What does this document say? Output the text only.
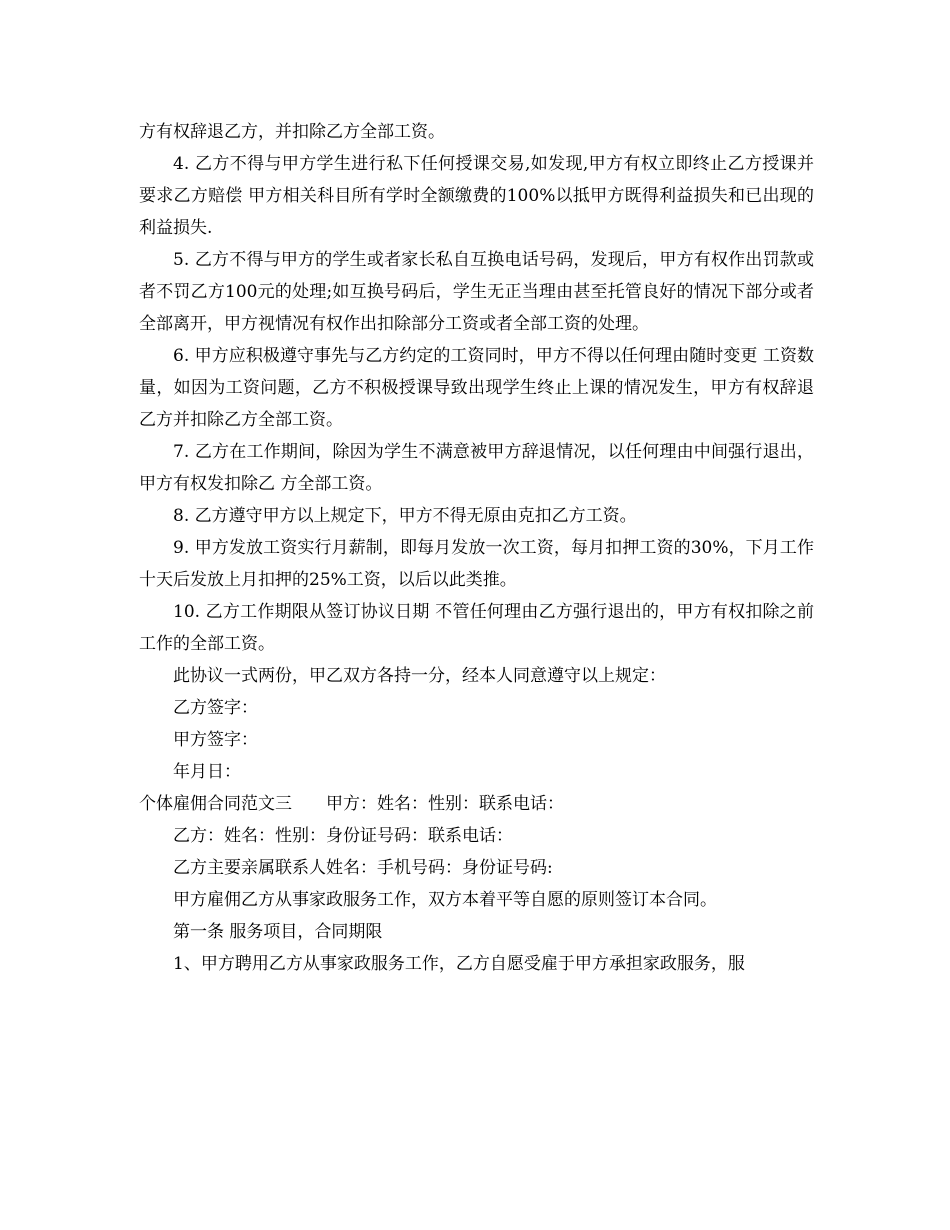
方有权辞退乙方，并扣除乙方全部工资。

4. 乙方不得与甲方学生进行私下任何授课交易,如发现,甲方有权立即终止乙方授课并要求乙方赔偿 甲方相关科目所有学时全额缴费的100%以抵甲方既得利益损失和已出现的利益损失.

5. 乙方不得与甲方的学生或者家长私自互换电话号码，发现后，甲方有权作出罚款或者不罚乙方100元的处理;如互换号码后，学生无正当理由甚至托管良好的情况下部分或者全部离开，甲方视情况有权作出扣除部分工资或者全部工资的处理。

6. 甲方应积极遵守事先与乙方约定的工资同时，甲方不得以任何理由随时变更 工资数量，如因为工资问题，乙方不积极授课导致出现学生终止上课的情况发生，甲方有权辞退乙方并扣除乙方全部工资。

7. 乙方在工作期间，除因为学生不满意被甲方辞退情况，以任何理由中间强行退出，甲方有权发扣除乙 方全部工资。

8. 乙方遵守甲方以上规定下，甲方不得无原由克扣乙方工资。

9. 甲方发放工资实行月薪制，即每月发放一次工资，每月扣押工资的30%，下月工作十天后发放上月扣押的25%工资，以后以此类推。

10. 乙方工作期限从签订协议日期 不管任何理由乙方强行退出的，甲方有权扣除之前工作的全部工资。

此协议一式两份，甲乙双方各持一分，经本人同意遵守以上规定：

乙方签字：

甲方签字：

年月日：

个体雇佣合同范文三　　甲方：姓名：性别：联系电话：

乙方：姓名：性别：身份证号码：联系电话：

乙方主要亲属联系人姓名：手机号码：身份证号码:

甲方雇佣乙方从事家政服务工作，双方本着平等自愿的原则签订本合同。

第一条 服务项目，合同期限

1、甲方聘用乙方从事家政服务工作，乙方自愿受雇于甲方承担家政服务，服
